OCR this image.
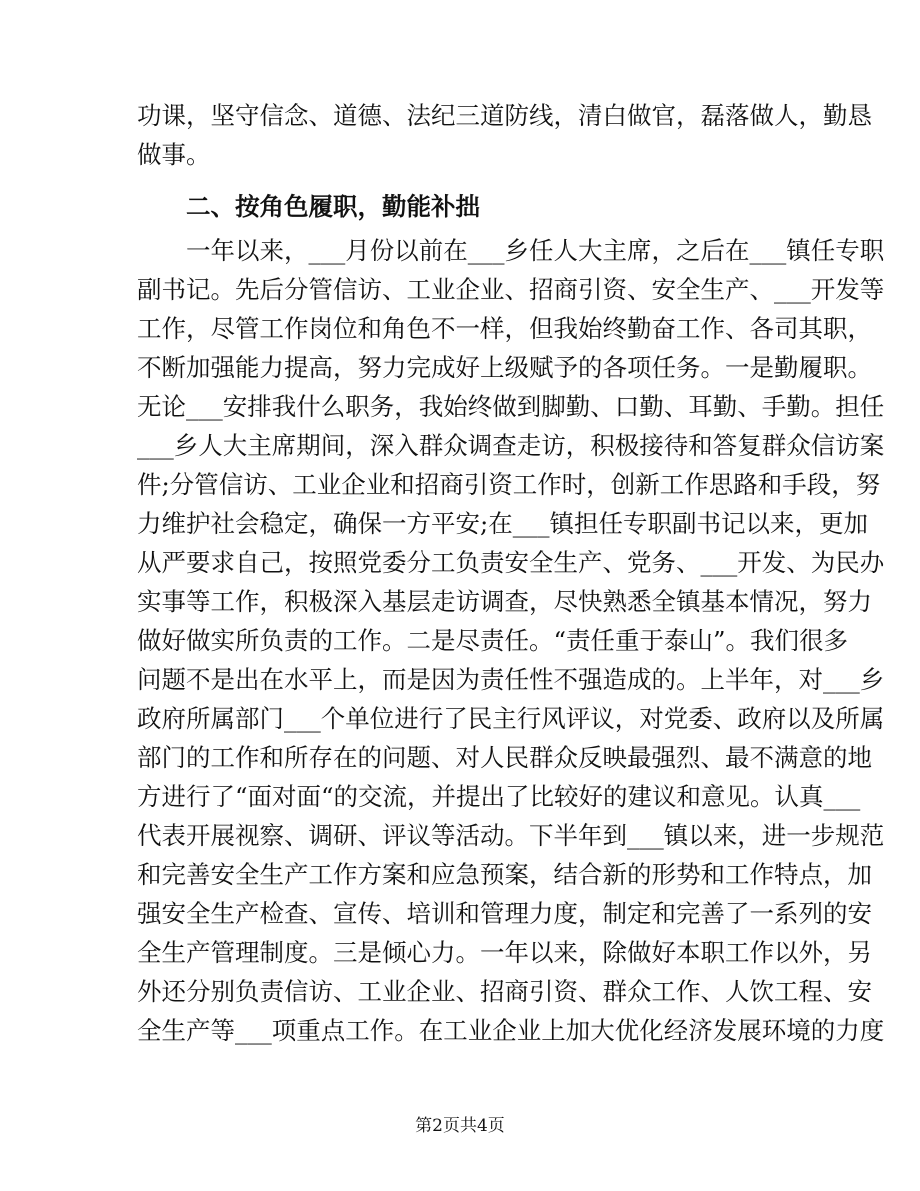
功课，坚守信念、道德、法纪三道防线，清白做官，磊落做人，勤恳
做事。
　　二、按角色履职，勤能补拙
　　一年以来，___月份以前在___乡任人大主席，之后在___镇任专职
副书记。先后分管信访、工业企业、招商引资、安全生产、___开发等
工作，尽管工作岗位和角色不一样，但我始终勤奋工作、各司其职，
不断加强能力提高，努力完成好上级赋予的各项任务。一是勤履职。
无论___安排我什么职务，我始终做到脚勤、口勤、耳勤、手勤。担任
___乡人大主席期间，深入群众调查走访，积极接待和答复群众信访案
件;分管信访、工业企业和招商引资工作时，创新工作思路和手段，努
力维护社会稳定，确保一方平安;在___镇担任专职副书记以来，更加
从严要求自己，按照党委分工负责安全生产、党务、___开发、为民办
实事等工作，积极深入基层走访调查，尽快熟悉全镇基本情况，努力
做好做实所负责的工作。二是尽责任。“责任重于泰山”。我们很多
问题不是出在水平上，而是因为责任性不强造成的。上半年，对___乡
政府所属部门___个单位进行了民主行风评议，对党委、政府以及所属
部门的工作和所存在的问题、对人民群众反映最强烈、最不满意的地
方进行了“面对面“的交流，并提出了比较好的建议和意见。认真___
代表开展视察、调研、评议等活动。下半年到___镇以来，进一步规范
和完善安全生产工作方案和应急预案，结合新的形势和工作特点，加
强安全生产检查、宣传、培训和管理力度，制定和完善了一系列的安
全生产管理制度。三是倾心力。一年以来，除做好本职工作以外，另
外还分别负责信访、工业企业、招商引资、群众工作、人饮工程、安
全生产等___项重点工作。在工业企业上加大优化经济发展环境的力度
第2页共4页
